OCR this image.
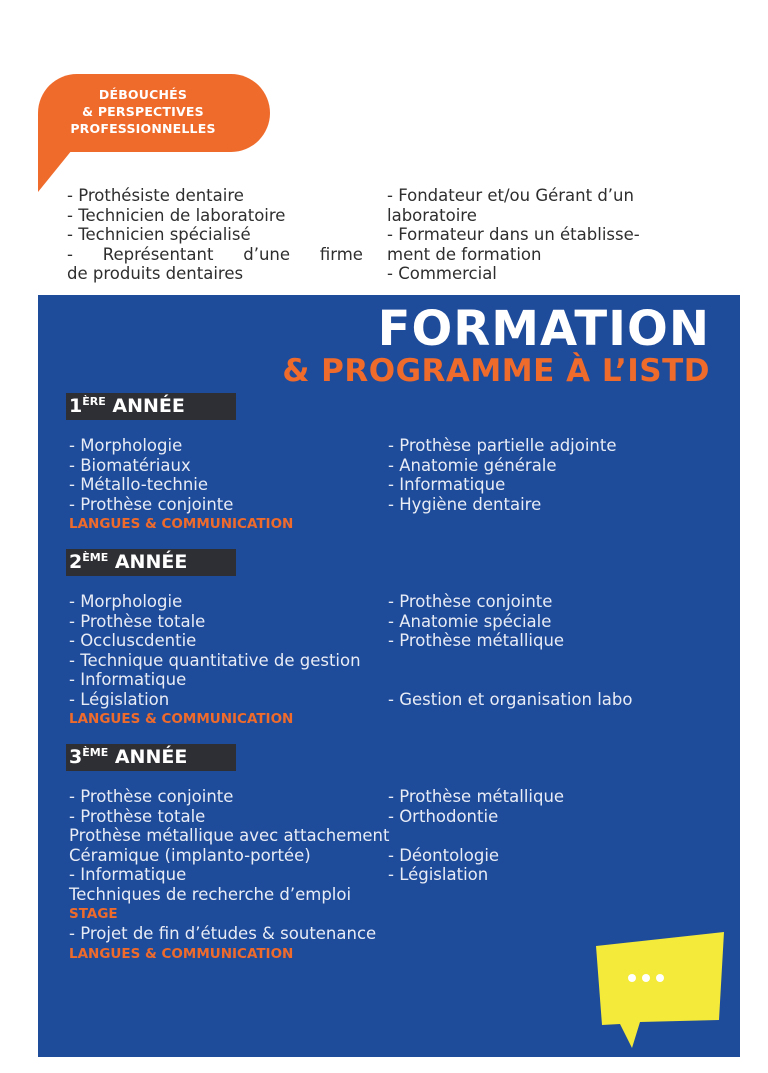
DÉBOUCHÉS
& PERSPECTIVES
PROFESSIONNELLES
- Prothésiste dentaire
- Technicien de laboratoire
- Technicien spécialisé
- Représentant d’une firme
de produits dentaires
- Fondateur et/ou Gérant d’un
laboratoire
- Formateur dans un établisse-
ment de formation
- Commercial
FORMATION
& PROGRAMME À L’ISTD
1ÈRE ANNÉE
- Morphologie
- Biomatériaux
- Métallo-technie
- Prothèse conjointe
- Prothèse partielle adjointe
- Anatomie générale
- Informatique
- Hygiène dentaire
LANGUES & COMMUNICATION
2ÈME ANNÉE
- Morphologie
- Prothèse totale
- Occluscdentie
- Prothèse conjointe
- Anatomie spéciale
- Prothèse métallique
- Technique quantitative de gestion
- Informatique
- Législation	- Gestion et organisation labo
LANGUES & COMMUNICATION
3ÈME ANNÉE
- Prothèse conjointe	- Prothèse métallique
- Prothèse totale	- Orthodontie
Prothèse métallique avec attachement
Céramique (implanto-portée)	- Déontologie
- Informatique	- Législation
Techniques de recherche d’emploi
STAGE
- Projet de fin d’études & soutenance
LANGUES & COMMUNICATION
